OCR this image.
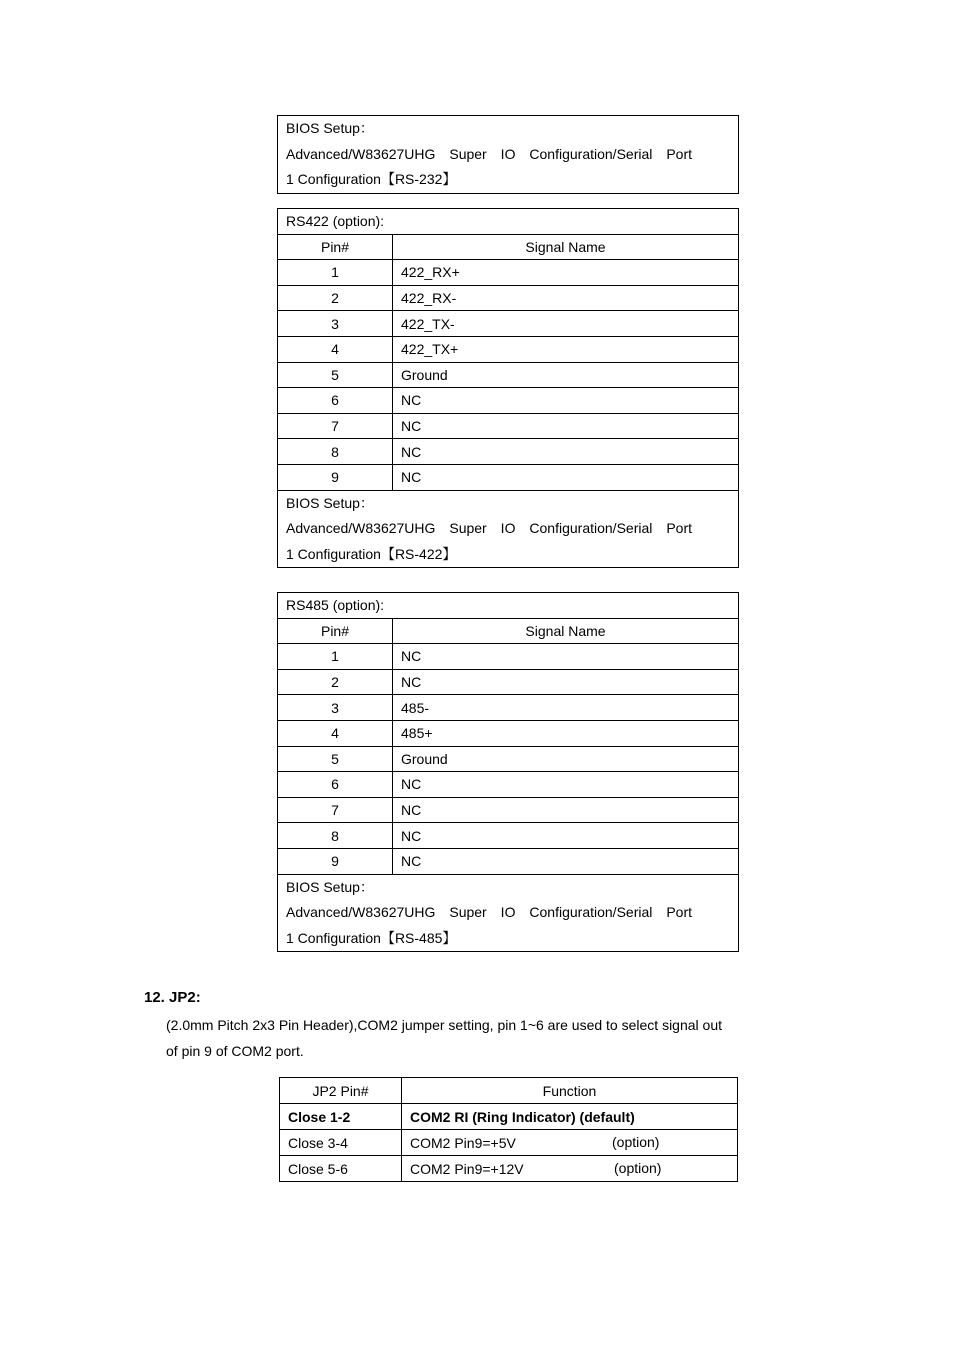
BIOS Setup：
Advanced/W83627UHG Super IO Configuration/Serial Port
1 Configuration【RS-232】
RS422 (option):	
Pin#	Signal Name
1	422_RX+
2	422_RX-
3	422_TX-
4	422_TX+
5	Ground
6	NC
7	NC
8	NC
9	NC

BIOS Setup：
Advanced/W83627UHG Super IO Configuration/Serial Port
1 Configuration【RS-422】	
RS485 (option):	
Pin#	Signal Name
1	NC
2	NC
3	485-
4	485+
5	Ground
6	NC
7	NC
8	NC
9	NC

BIOS Setup：
Advanced/W83627UHG Super IO Configuration/Serial Port
1 Configuration【RS-485】	
12. JP2:
(2.0mm Pitch 2x3 Pin Header),COM2 jumper setting, pin 1~6 are used to select signal out
of pin 9 of COM2 port.
JP2 Pin#	Function
Close 1-2	COM2 RI (Ring Indicator) (default)
Close 3-4	COM2 Pin9=+5V (option)

Close 5-6	COM2 Pin9=+12V (option)
